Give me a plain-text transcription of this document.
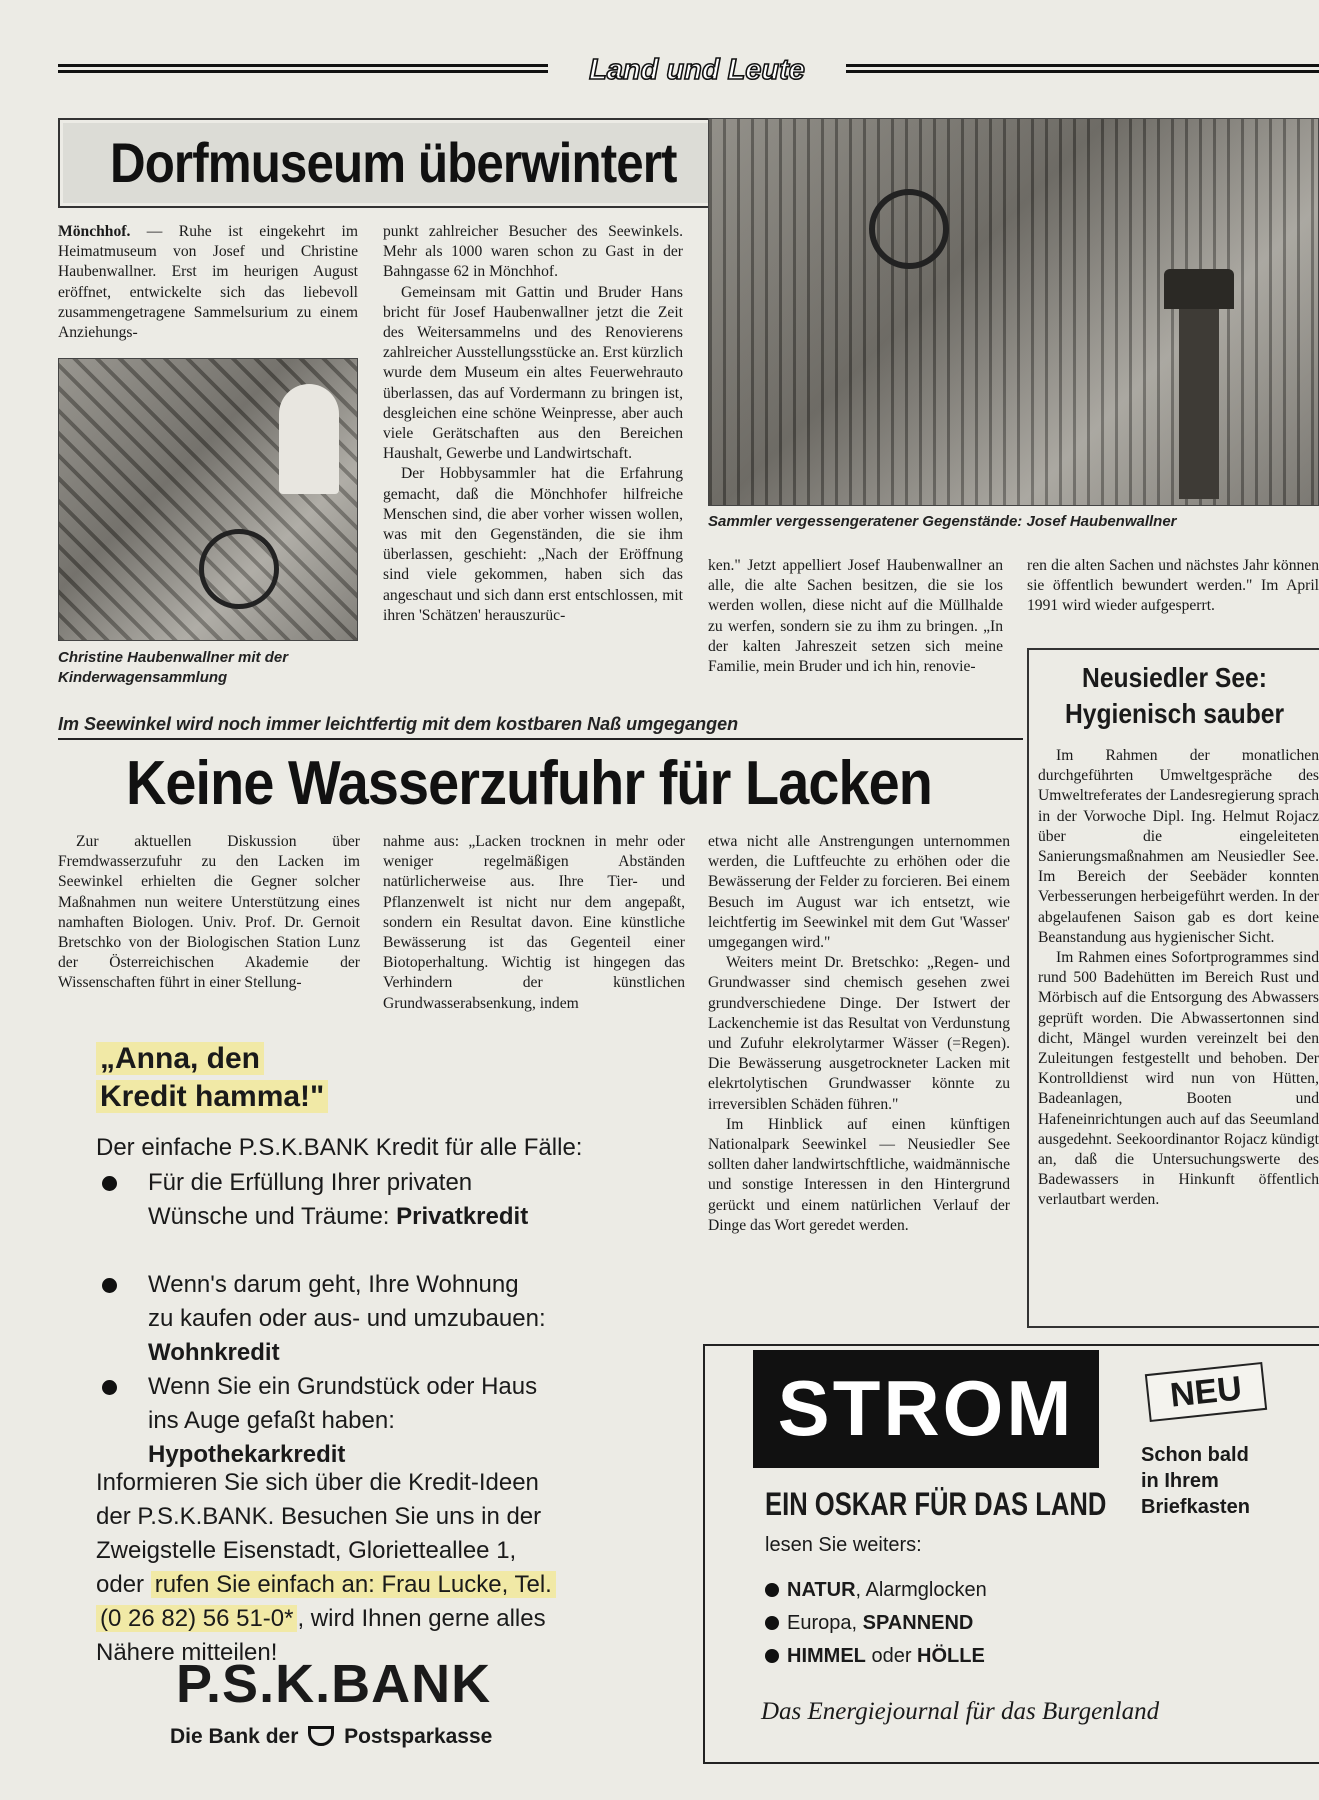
Land und Leute
Dorfmuseum überwintert
Sammler vergessengeratener Gegenstände: Josef Haubenwallner

Mönchhof. — Ruhe ist eingekehrt im Heimatmuseum von Josef und Christine Haubenwallner. Erst im heurigen August eröffnet, entwickelte sich das liebevoll zusammengetragene Sammelsurium zu einem Anziehungs-

Christine Haubenwallner mit der Kinderwagensammlung

punkt zahlreicher Besucher des Seewinkels. Mehr als 1000 waren schon zu Gast in der Bahngasse 62 in Mönchhof.

Gemeinsam mit Gattin und Bruder Hans bricht für Josef Haubenwallner jetzt die Zeit des Weitersammelns und des Renovierens zahlreicher Ausstellungsstücke an. Erst kürzlich wurde dem Museum ein altes Feuerwehrauto überlassen, das auf Vordermann zu bringen ist, desgleichen eine schöne Weinpresse, aber auch viele Gerätschaften aus den Bereichen Haushalt, Gewerbe und Landwirtschaft.

Der Hobbysammler hat die Erfahrung gemacht, daß die Mönchhofer hilfreiche Menschen sind, die aber vorher wissen wollen, was mit den Gegenständen, die sie ihm überlassen, geschieht: „Nach der Eröffnung sind viele gekommen, haben sich das angeschaut und sich dann erst entschlossen, mit ihren 'Schätzen' herauszurüc-

ken." Jetzt appelliert Josef Haubenwallner an alle, die alte Sachen besitzen, die sie los werden wollen, diese nicht auf die Müllhalde zu werfen, sondern sie zu ihm zu bringen. „In der kalten Jahreszeit setzen sich meine Familie, mein Bruder und ich hin, renovie-

ren die alten Sachen und nächstes Jahr können sie öffentlich bewundert werden." Im April 1991 wird wieder aufgesperrt.

Im Seewinkel wird noch immer leichtfertig mit dem kostbaren Naß umgegangen
Keine Wasserzufuhr für Lacken

Zur aktuellen Diskussion über Fremdwasserzufuhr zu den Lacken im Seewinkel erhielten die Gegner solcher Maßnahmen nun weitere Unterstützung eines namhaften Biologen. Univ. Prof. Dr. Gernoit Bretschko von der Biologischen Station Lunz der Österreichischen Akademie der Wissenschaften führt in einer Stellung-

nahme aus: „Lacken trocknen in mehr oder weniger regelmäßigen Abständen natürlicherweise aus. Ihre Tier- und Pflanzenwelt ist nicht nur dem angepaßt, sondern ein Resultat davon. Eine künstliche Bewässerung ist das Gegenteil einer Biotoperhaltung. Wichtig ist hingegen das Verhindern der künstlichen Grundwasserabsenkung, indem

etwa nicht alle Anstrengungen unternommen werden, die Luftfeuchte zu erhöhen oder die Bewässerung der Felder zu forcieren. Bei einem Besuch im August war ich entsetzt, wie leichtfertig im Seewinkel mit dem Gut 'Wasser' umgegangen wird."

Weiters meint Dr. Bretschko: „Regen- und Grundwasser sind chemisch gesehen zwei grundverschiedene Dinge. Der Istwert der Lackenchemie ist das Resultat von Verdunstung und Zufuhr elekrolytarmer Wässer (=Regen). Die Bewässerung ausgetrockneter Lacken mit elekrtolytischen Grundwasser könnte zu irreversiblen Schäden führen."

Im Hinblick auf einen künftigen Nationalpark Seewinkel — Neusiedler See sollten daher landwirtschftliche, waidmännische und sonstige Interessen in den Hintergrund gerückt und einem natürlichen Verlauf der Dinge das Wort geredet werden.

Neusiedler See:
Hygienisch sauber

Im Rahmen der monatlichen durchgeführten Umweltgespräche des Umweltreferates der Landesregierung sprach in der Vorwoche Dipl. Ing. Helmut Rojacz über die eingeleiteten Sanierungsmaßnahmen am Neusiedler See. Im Bereich der Seebäder konnten Verbesserungen herbeigeführt werden. In der abgelaufenen Saison gab es dort keine Beanstandung aus hygienischer Sicht.

Im Rahmen eines Sofortprogrammes sind rund 500 Badehütten im Bereich Rust und Mörbisch auf die Entsorgung des Abwassers geprüft worden. Die Abwassertonnen sind dicht, Mängel wurden vereinzelt bei den Zuleitungen festgestellt und behoben. Der Kontrolldienst wird nun von Hütten, Badeanlagen, Booten und Hafeneinrichtungen auch auf das Seeumland ausgedehnt. Seekoordinantor Rojacz kündigt an, daß die Untersuchungswerte des Badewassers in Hinkunft öffentlich verlautbart werden.

„Anna, den
Kredit hamma!"
Der einfache P.S.K.BANK Kredit für alle Fälle:
Für die Erfüllung Ihrer privaten
Wünsche und Träume: Privatkredit
Wenn's darum geht, Ihre Wohnung
zu kaufen oder aus- und umzubauen:
Wohnkredit
Wenn Sie ein Grundstück oder Haus
ins Auge gefaßt haben:
Hypothekarkredit
Informieren Sie sich über die Kredit-Ideen
der P.S.K.BANK. Besuchen Sie uns in der
Zweigstelle Eisenstadt, Glorietteallee 1,
oder rufen Sie einfach an: Frau Lucke, Tel.
(0 26 82) 56 51-0* , wird Ihnen gerne alles
Nähere mitteilen!
P.S.K.BANK
Die Bank der Postsparkasse
STROM	NEU
Schon bald
in Ihrem
Briefkasten
EIN OSKAR FÜR DAS LAND
lesen Sie weiters:
NATUR, Alarmglocken
Europa, SPANNEND
HIMMEL oder HÖLLE
Das Energiejournal für das Burgenland
